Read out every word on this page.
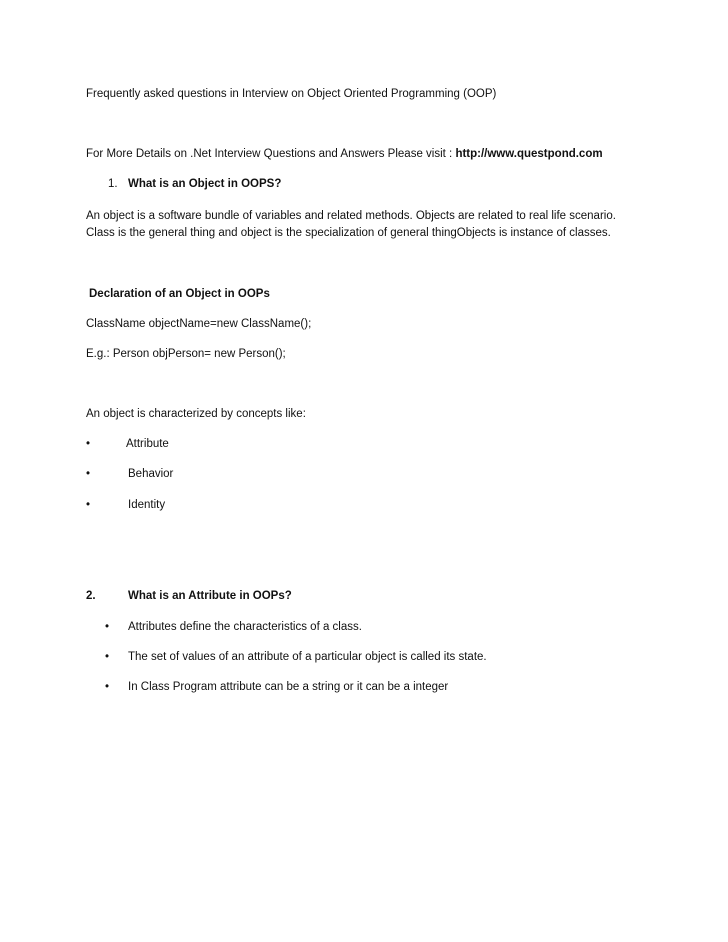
Frequently asked questions in Interview on Object Oriented Programming (OOP)
For More Details on .Net Interview Questions and Answers Please visit : http://www.questpond.com
1. What is an Object in OOPS?
An object is a software bundle of variables and related methods. Objects are related to real life scenario.
Class is the general thing and object is the specialization of general thingObjects is instance of classes.
Declaration of an Object in OOPs
ClassName objectName=new ClassName();
E.g.: Person objPerson= new Person();
An object is characterized by concepts like:
•	Attribute
•	Behavior
•	Identity
2.	What is an Attribute in OOPs?
• Attributes define the characteristics of a class.
• The set of values of an attribute of a particular object is called its state.
• In Class Program attribute can be a string or it can be a integer
